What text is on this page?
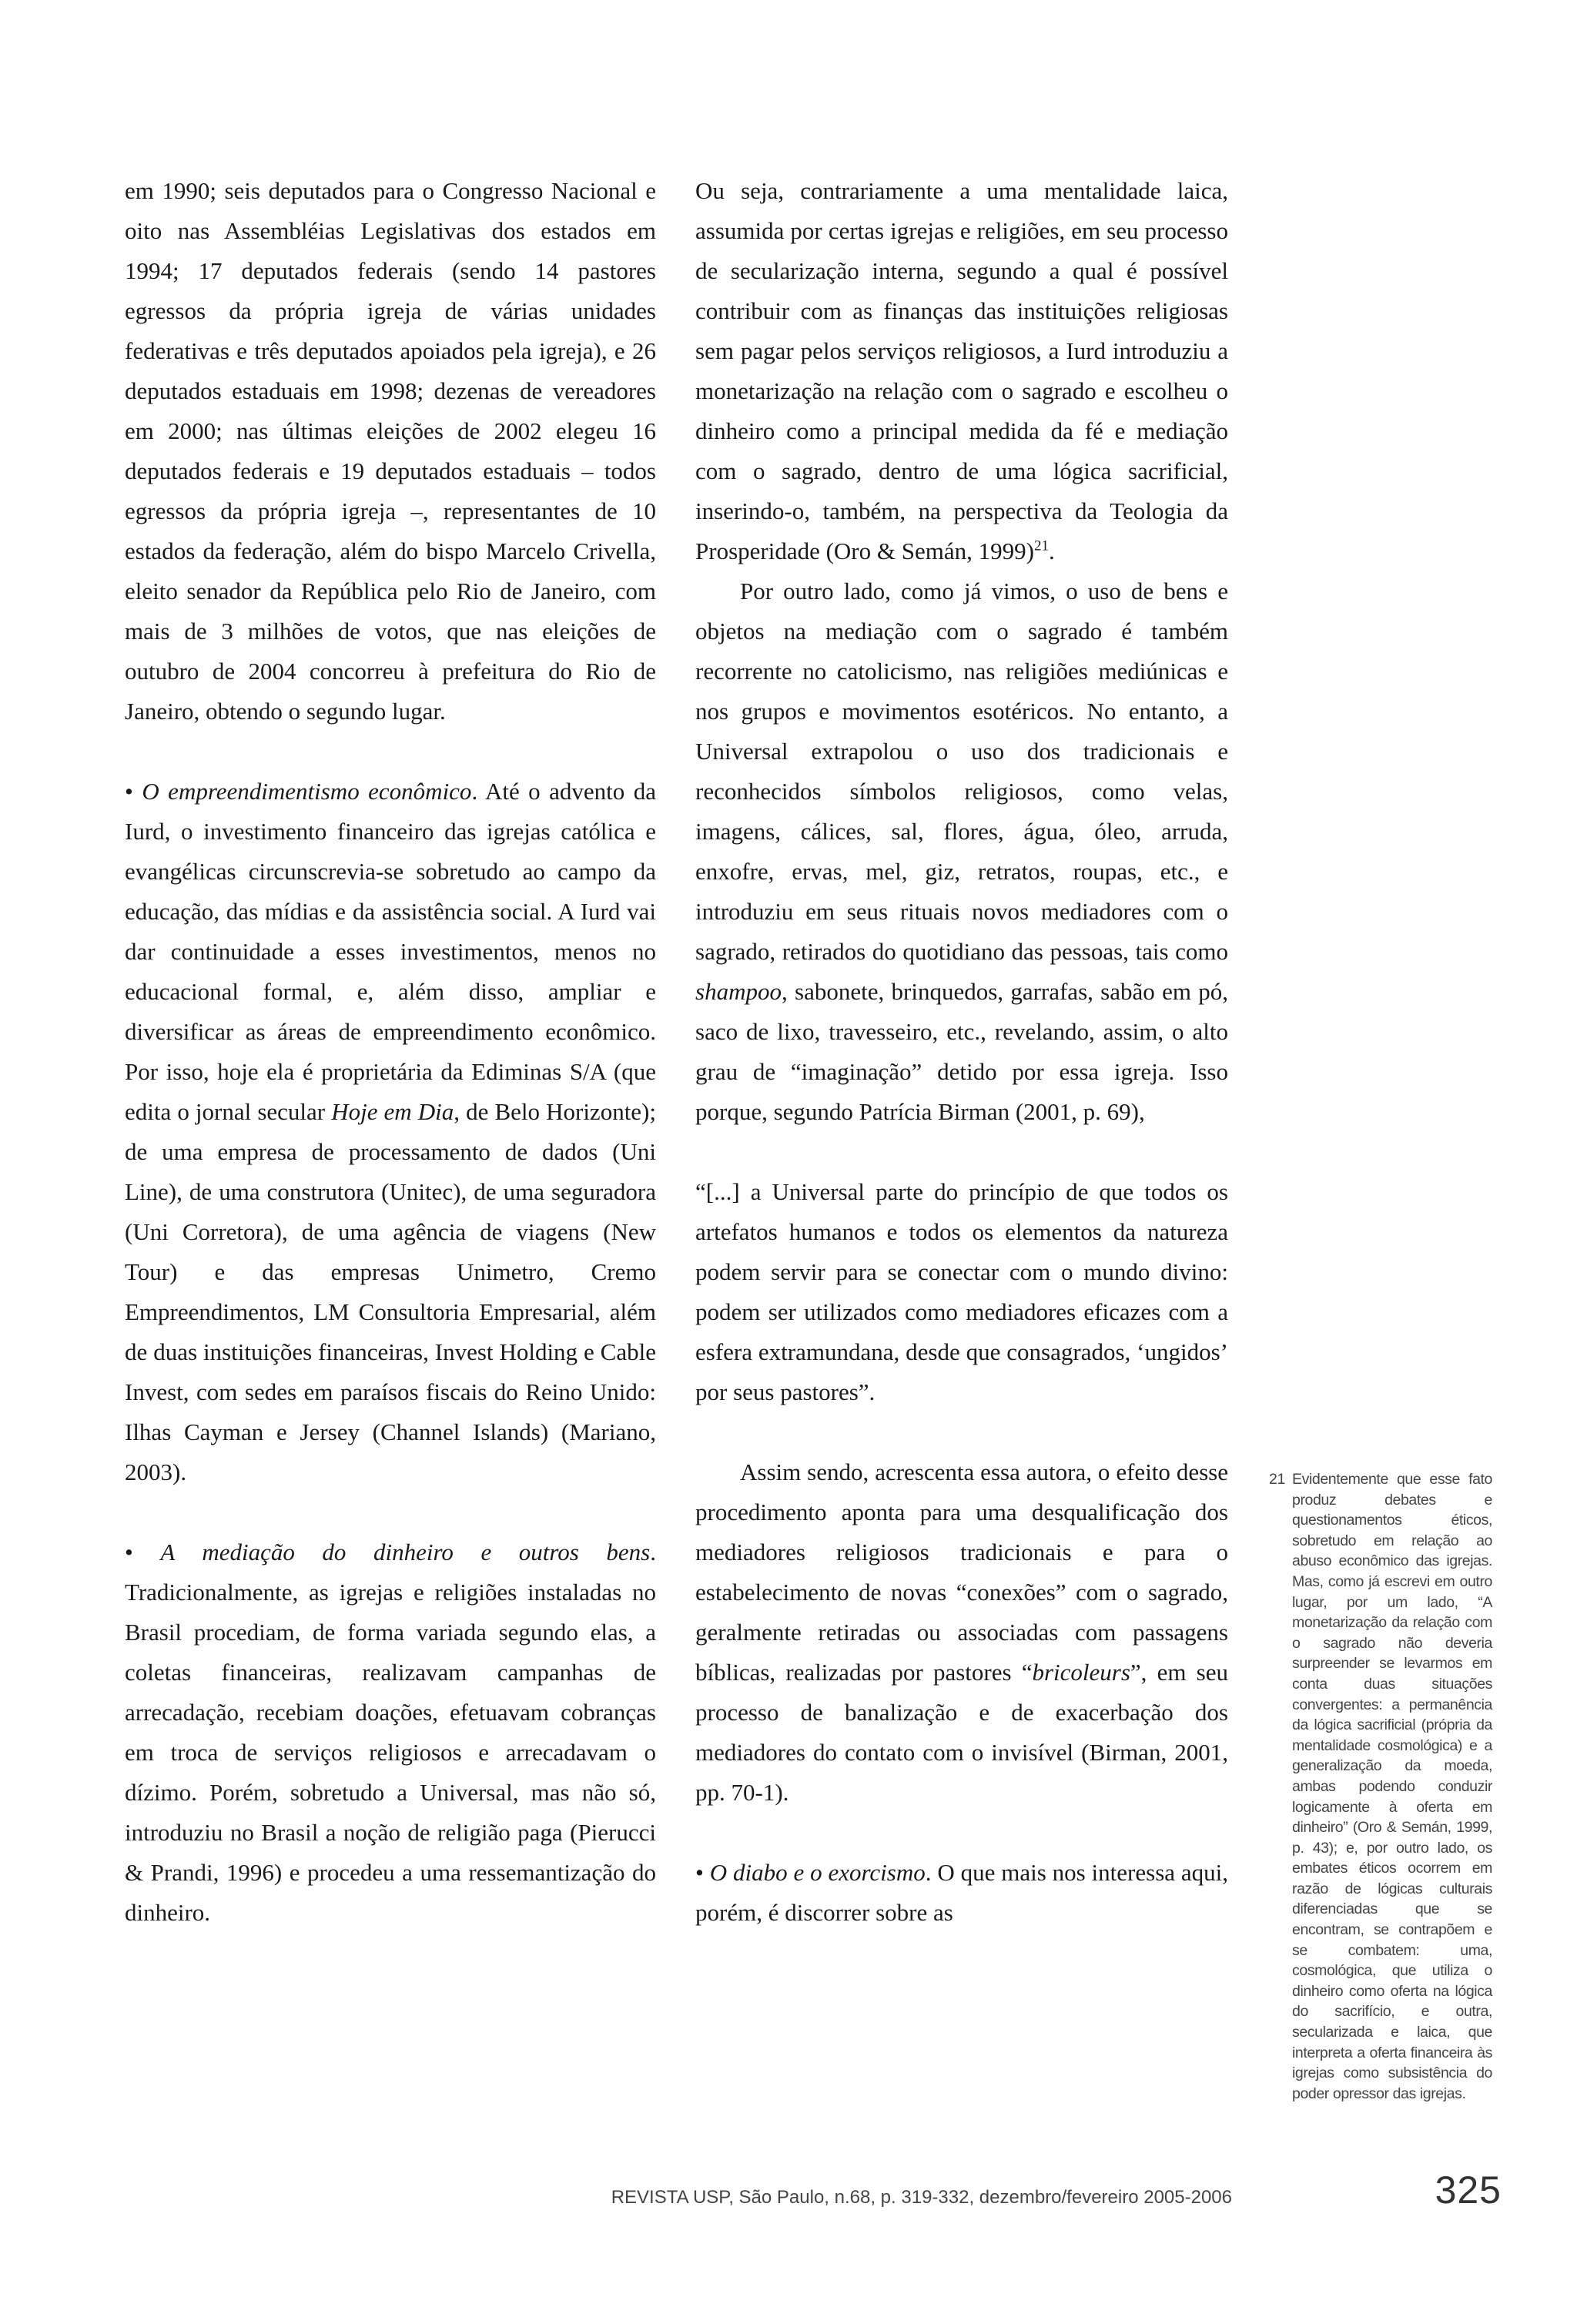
em 1990; seis deputados para o Congresso Nacional e oito nas Assembléias Legislativas dos estados em 1994; 17 deputados federais (sendo 14 pastores egressos da própria igreja de várias unidades federativas e três deputados apoiados pela igreja), e 26 deputados estaduais em 1998; dezenas de vereadores em 2000; nas últimas eleições de 2002 elegeu 16 deputados federais e 19 deputados estaduais – todos egressos da própria igreja –, representantes de 10 estados da federação, além do bispo Marcelo Crivella, eleito senador da República pelo Rio de Janeiro, com mais de 3 milhões de votos, que nas eleições de outubro de 2004 concorreu à prefeitura do Rio de Janeiro, obtendo o segundo lugar.

• O empreendimentismo econômico. Até o advento da Iurd, o investimento financeiro das igrejas católica e evangélicas circunscrevia-se sobretudo ao campo da educação, das mídias e da assistência social. A Iurd vai dar continuidade a esses investimentos, menos no educacional formal, e, além disso, ampliar e diversificar as áreas de empreendimento econômico. Por isso, hoje ela é proprietária da Ediminas S/A (que edita o jornal secular Hoje em Dia, de Belo Horizonte); de uma empresa de processamento de dados (Uni Line), de uma construtora (Unitec), de uma seguradora (Uni Corretora), de uma agência de viagens (New Tour) e das empresas Unimetro, Cremo Empreendimentos, LM Consultoria Empresarial, além de duas instituições financeiras, Invest Holding e Cable Invest, com sedes em paraísos fiscais do Reino Unido: Ilhas Cayman e Jersey (Channel Islands) (Mariano, 2003).

• A mediação do dinheiro e outros bens. Tradicionalmente, as igrejas e religiões instaladas no Brasil procediam, de forma variada segundo elas, a coletas financeiras, realizavam campanhas de arrecadação, recebiam doações, efetuavam cobranças em troca de serviços religiosos e arrecadavam o dízimo. Porém, sobretudo a Universal, mas não só, introduziu no Brasil a noção de religião paga (Pierucci & Prandi, 1996) e procedeu a uma ressemantização do dinheiro.

Ou seja, contrariamente a uma mentalidade laica, assumida por certas igrejas e religiões, em seu processo de secularização interna, segundo a qual é possível contribuir com as finanças das instituições religiosas sem pagar pelos serviços religiosos, a Iurd introduziu a monetarização na relação com o sagrado e escolheu o dinheiro como a principal medida da fé e mediação com o sagrado, dentro de uma lógica sacrificial, inserindo-o, também, na perspectiva da Teologia da Prosperidade (Oro & Semán, 1999)$^{21}$.

Por outro lado, como já vimos, o uso de bens e objetos na mediação com o sagrado é também recorrente no catolicismo, nas religiões mediúnicas e nos grupos e movimentos esotéricos. No entanto, a Universal extrapolou o uso dos tradicionais e reconhecidos símbolos religiosos, como velas, imagens, cálices, sal, flores, água, óleo, arruda, enxofre, ervas, mel, giz, retratos, roupas, etc., e introduziu em seus rituais novos mediadores com o sagrado, retirados do quotidiano das pessoas, tais como shampoo, sabonete, brinquedos, garrafas, sabão em pó, saco de lixo, travesseiro, etc., revelando, assim, o alto grau de “imaginação” detido por essa igreja. Isso porque, segundo Patrícia Birman (2001, p. 69),

“[...] a Universal parte do princípio de que todos os artefatos humanos e todos os elementos da natureza podem servir para se conectar com o mundo divino: podem ser utilizados como mediadores eficazes com a esfera extramundana, desde que consagrados, ‘ungidos’ por seus pastores”.

Assim sendo, acrescenta essa autora, o efeito desse procedimento aponta para uma desqualificação dos mediadores religiosos tradicionais e para o estabelecimento de novas “conexões” com o sagrado, geralmente retiradas ou associadas com passagens bíblicas, realizadas por pastores “bricoleurs”, em seu processo de banalização e de exacerbação dos mediadores do contato com o invisível (Birman, 2001, pp. 70-1).

• O diabo e o exorcismo. O que mais nos interessa aqui, porém, é discorrer sobre as

21 Evidentemente que esse fato produz debates e questionamentos éticos, sobretudo em relação ao abuso econômico das igrejas. Mas, como já escrevi em outro lugar, por um lado, “A monetarização da relação com o sagrado não deveria surpreender se levarmos em conta duas situações convergentes: a permanência da lógica sacrificial (própria da mentalidade cosmológica) e a generalização da moeda, ambas podendo conduzir logicamente à oferta em dinheiro” (Oro & Semán, 1999, p. 43); e, por outro lado, os embates éticos ocorrem em razão de lógicas culturais diferenciadas que se encontram, se contrapõem e se combatem: uma, cosmológica, que utiliza o dinheiro como oferta na lógica do sacrifício, e outra, secularizada e laica, que interpreta a oferta financeira às igrejas como subsistência do poder opressor das igrejas.
REVISTA USP, São Paulo, n.68, p. 319-332, dezembro/fevereiro 2005-2006	325
